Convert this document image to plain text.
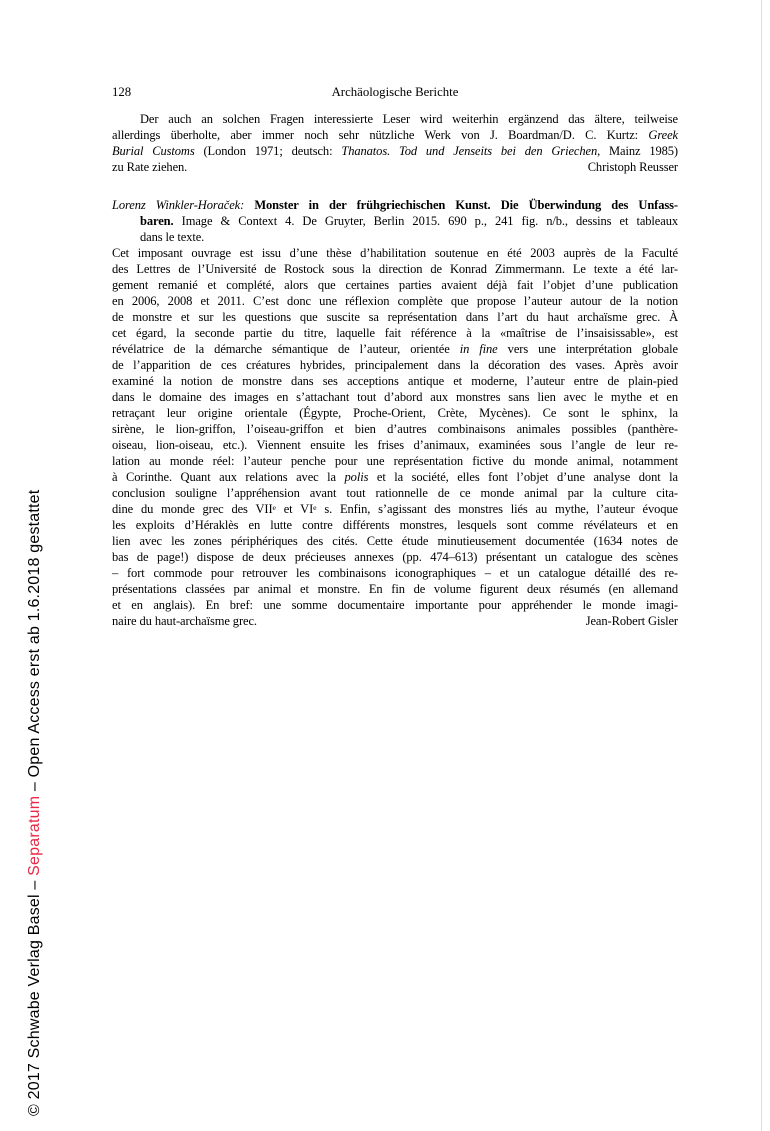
128	Archäologische Berichte
Der auch an solchen Fragen interessierte Leser wird weiterhin ergänzend das ältere, teilweise
allerdings überholte, aber immer noch sehr nützliche Werk von J. Boardman/D. C. Kurtz: Greek
Burial Customs (London 1971; deutsch: Thanatos. Tod und Jenseits bei den Griechen, Mainz 1985)
zu Rate ziehen.	Christoph Reusser
Lorenz Winkler-Horaček: Monster in der frühgriechischen Kunst. Die Überwindung des Unfass-
baren. Image & Context 4. De Gruyter, Berlin 2015. 690 p., 241 fig. n/b., dessins et tableaux
dans le texte.
Cet imposant ouvrage est issu d’une thèse d’habilitation soutenue en été 2003 auprès de la Faculté
des Lettres de l’Université de Rostock sous la direction de Konrad Zimmermann. Le texte a été lar-
gement remanié et complété, alors que certaines parties avaient déjà fait l’objet d’une publication
en 2006, 2008 et 2011. C’est donc une réflexion complète que propose l’auteur autour de la notion
de monstre et sur les questions que suscite sa représentation dans l’art du haut archaïsme grec. À
cet égard, la seconde partie du titre, laquelle fait référence à la «maîtrise de l’insaisissable», est
révélatrice de la démarche sémantique de l’auteur, orientée in fine vers une interprétation globale
de l’apparition de ces créatures hybrides, principalement dans la décoration des vases. Après avoir
examiné la notion de monstre dans ses acceptions antique et moderne, l’auteur entre de plain-pied
dans le domaine des images en s’attachant tout d’abord aux monstres sans lien avec le mythe et en
retraçant leur origine orientale (Égypte, Proche-Orient, Crète, Mycènes). Ce sont le sphinx, la
sirène, le lion-griffon, l’oiseau-griffon et bien d’autres combinaisons animales possibles (panthère-
oiseau, lion-oiseau, etc.). Viennent ensuite les frises d’animaux, examinées sous l’angle de leur re-
lation au monde réel: l’auteur penche pour une représentation fictive du monde animal, notamment
à Corinthe. Quant aux relations avec la polis et la société, elles font l’objet d’une analyse dont la
conclusion souligne l’appréhension avant tout rationnelle de ce monde animal par la culture cita-
dine du monde grec des VIIe et VIe s. Enfin, s’agissant des monstres liés au mythe, l’auteur évoque
les exploits d’Héraklès en lutte contre différents monstres, lesquels sont comme révélateurs et en
lien avec les zones périphériques des cités. Cette étude minutieusement documentée (1634 notes de
bas de page!) dispose de deux précieuses annexes (pp. 474–613) présentant un catalogue des scènes
– fort commode pour retrouver les combinaisons iconographiques – et un catalogue détaillé des re-
présentations classées par animal et monstre. En fin de volume figurent deux résumés (en allemand
et en anglais). En bref: une somme documentaire importante pour appréhender le monde imagi-
naire du haut-archaïsme grec.	Jean-Robert Gisler
© 2017 Schwabe Verlag Basel – Separatum – Open Access erst ab 1.6.2018 gestattet
